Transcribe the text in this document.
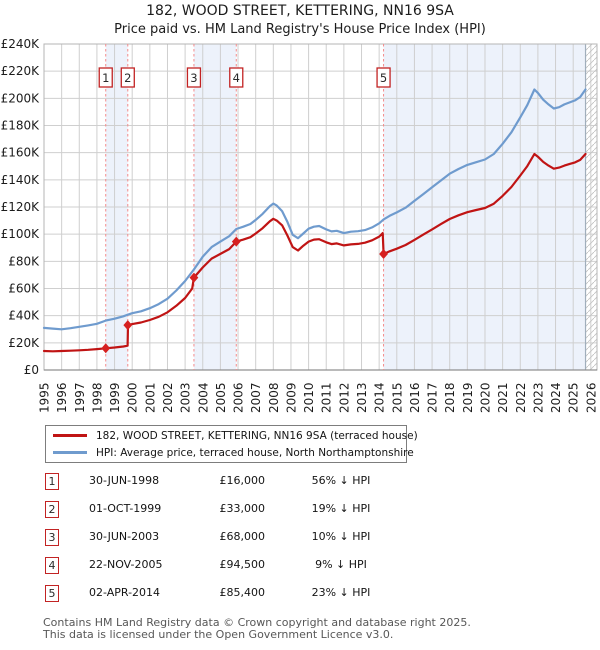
182, WOOD STREET, KETTERING, NN16 9SA
Price paid vs. HM Land Registry's House Price Index (HPI)
1 2	3	4	5
£0
£20K
£40K
£60K
£80K
£100K
£120K
£140K
£160K
£180K
£200K
£220K
£240K
1995 1996 1997 1998 1999 2000 2001 2002 2003 2004 2005 2006 2007 2008 2009 2010 2011 2012 2013 2014 2015 2016 2017 2018 2019 2020 2021 2022 2023 2024 2025 2026
182, WOOD STREET, KETTERING, NN16 9SA (terraced house)
HPI: Average price, terraced house, North Northamptonshire
1	30-JUN-1998	£16,000	56% ↓ HPI
2	01-OCT-1999	£33,000	19% ↓ HPI
3	30-JUN-2003	£68,000	10% ↓ HPI
4	22-NOV-2005	£94,500	9% ↓ HPI
5	02-APR-2014	£85,400	23% ↓ HPI
Contains HM Land Registry data © Crown copyright and database right 2025.
This data is licensed under the Open Government Licence v3.0.
